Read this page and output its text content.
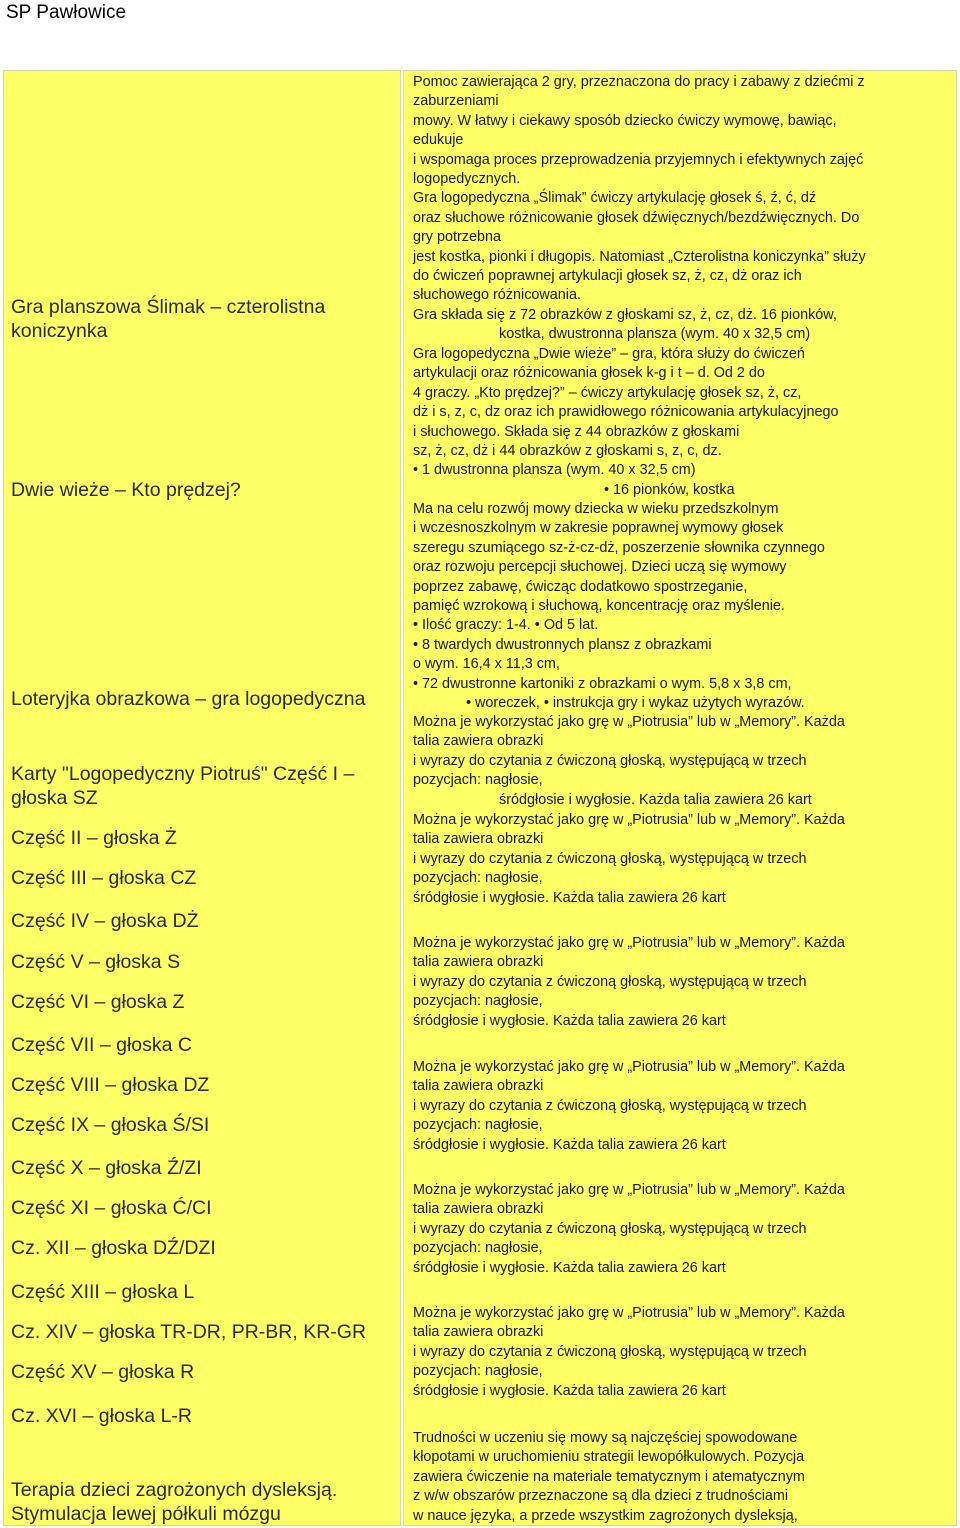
SP Pawłowice

Gra planszowa Ślimak – czterolistna
koniczynka

Dwie wieże – Kto prędzej?

Loteryjka obrazkowa – gra logopedyczna

Karty "Logopedyczny Piotruś" Część I –
głoska SZ

Część II – głoska Ż

Część III – głoska CZ

Część IV – głoska DŻ

Część V – głoska S

Część VI – głoska Z

Część VII – głoska C

Część VIII – głoska DZ

Część IX – głoska Ś/SI

Część X – głoska Ź/ZI

Część XI – głoska Ć/CI

Cz. XII – głoska DŹ/DZI

Część XIII – głoska L

Cz. XIV – głoska TR-DR, PR-BR, KR-GR

Część XV – głoska R

Cz. XVI – głoska L-R

Terapia dzieci zagrożonych dysleksją.
Stymulacja lewej półkuli mózgu

Pomoc zawierająca 2 gry, przeznaczona do pracy i zabawy z dziećmi z
zaburzeniami
mowy. W łatwy i ciekawy sposób dziecko ćwiczy wymowę, bawiąc,
edukuje
i wspomaga proces przeprowadzenia przyjemnych i efektywnych zajęć
logopedycznych.
Gra logopedyczna „Ślimak” ćwiczy artykulację głosek ś, ź, ć, dź
oraz słuchowe różnicowanie głosek dźwięcznych/bezdźwięcznych. Do
gry potrzebna
jest kostka, pionki i długopis. Natomiast „Czterolistna koniczynka” służy
do ćwiczeń poprawnej artykulacji głosek sz, ż, cz, dż oraz ich
słuchowego różnicowania.
Gra składa się z 72 obrazków z głoskami sz, ż, cz, dż. 16 pionków,
kostka, dwustronna plansza (wym. 40 x 32,5 cm)

Gra logopedyczna „Dwie wieże” – gra, która służy do ćwiczeń
artykulacji oraz różnicowania głosek k-g i t – d. Od 2 do
4 graczy. „Kto prędzej?” – ćwiczy artykulację głosek sz, ż, cz,
dż i s, z, c, dz oraz ich prawidłowego różnicowania artykulacyjnego
i słuchowego. Składa się z 44 obrazków z głoskami
sz, ż, cz, dż i 44 obrazków z głoskami s, z, c, dz.
• 1 dwustronna plansza (wym. 40 x 32,5 cm)
• 16 pionków, kostka

Ma na celu rozwój mowy dziecka w wieku przedszkolnym
i wczesnoszkolnym w zakresie poprawnej wymowy głosek
szeregu szumiącego sz-ż-cz-dż, poszerzenie słownika czynnego
oraz rozwoju percepcji słuchowej. Dzieci uczą się wymowy
poprzez zabawę, ćwicząc dodatkowo spostrzeganie,
pamięć wzrokową i słuchową, koncentrację oraz myślenie.
• Ilość graczy: 1-4. • Od 5 lat.
• 8 twardych dwustronnych plansz z obrazkami
o wym. 16,4 x 11,3 cm,
• 72 dwustronne kartoniki z obrazkami o wym. 5,8 x 3,8 cm,
• woreczek, • instrukcja gry i wykaz użytych wyrazów.

Można je wykorzystać jako grę w „Piotrusia” lub w „Memory”. Każda
talia zawiera obrazki
i wyrazy do czytania z ćwiczoną głoską, występującą w trzech
pozycjach: nagłosie,
śródgłosie i wygłosie. Każda talia zawiera 26 kart

Można je wykorzystać jako grę w „Piotrusia” lub w „Memory”. Każda
talia zawiera obrazki
i wyrazy do czytania z ćwiczoną głoską, występującą w trzech
pozycjach: nagłosie,
śródgłosie i wygłosie. Każda talia zawiera 26 kart

Można je wykorzystać jako grę w „Piotrusia” lub w „Memory”. Każda
talia zawiera obrazki
i wyrazy do czytania z ćwiczoną głoską, występującą w trzech
pozycjach: nagłosie,
śródgłosie i wygłosie. Każda talia zawiera 26 kart

Można je wykorzystać jako grę w „Piotrusia” lub w „Memory”. Każda
talia zawiera obrazki
i wyrazy do czytania z ćwiczoną głoską, występującą w trzech
pozycjach: nagłosie,
śródgłosie i wygłosie. Każda talia zawiera 26 kart

Można je wykorzystać jako grę w „Piotrusia” lub w „Memory”. Każda
talia zawiera obrazki
i wyrazy do czytania z ćwiczoną głoską, występującą w trzech
pozycjach: nagłosie,
śródgłosie i wygłosie. Każda talia zawiera 26 kart

Można je wykorzystać jako grę w „Piotrusia” lub w „Memory”. Każda
talia zawiera obrazki
i wyrazy do czytania z ćwiczoną głoską, występującą w trzech
pozycjach: nagłosie,
śródgłosie i wygłosie. Każda talia zawiera 26 kart

Trudności w uczeniu się mowy są najczęściej spowodowane
kłopotami w uruchomieniu strategii lewopółkulowych. Pozycja
zawiera ćwiczenie na materiale tematycznym i atematycznym
z w/w obszarów przeznaczone są dla dzieci z trudnościami
w nauce języka, a przede wszystkim zagrożonych dysleksją,
